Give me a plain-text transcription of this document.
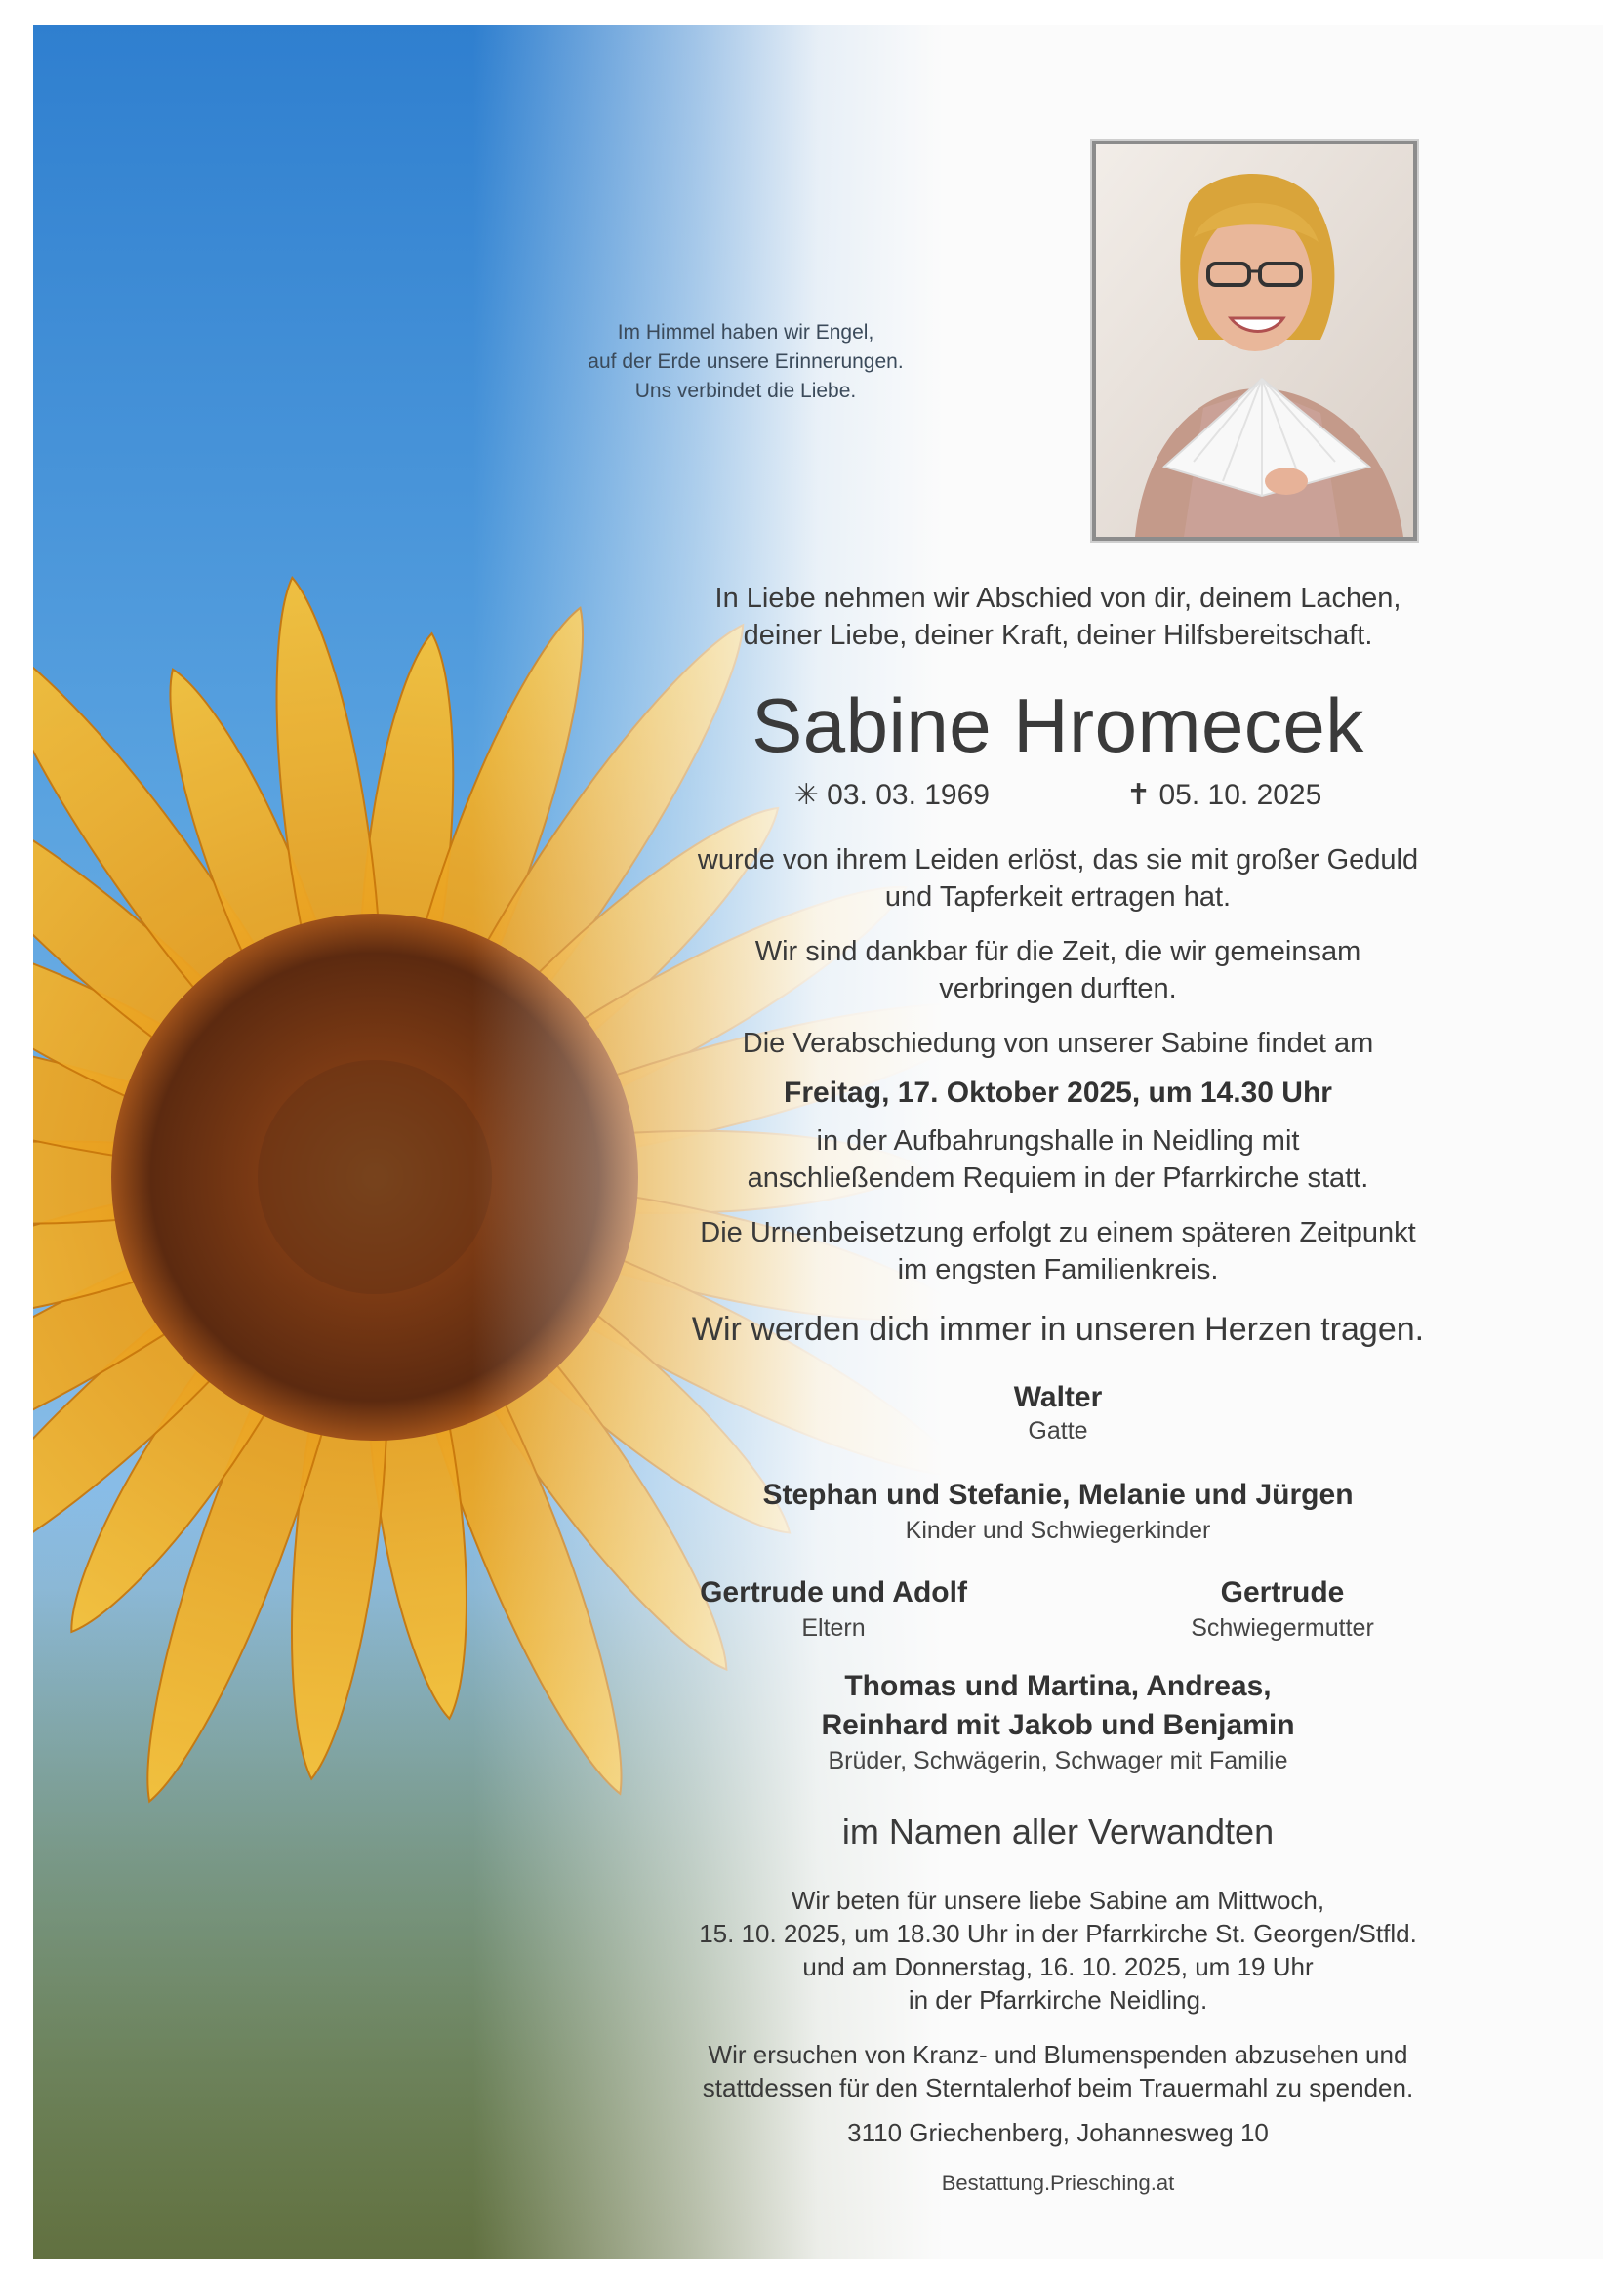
Im Himmel haben wir Engel,
auf der Erde unsere Erinnerungen.
Uns verbindet die Liebe.
In Liebe nehmen wir Abschied von dir, deinem Lachen,
deiner Liebe, deiner Kraft, deiner Hilfsbereitschaft.
Sabine Hromecek
✳ 03. 03. 1969	✝ 05. 10. 2025
wurde von ihrem Leiden erlöst, das sie mit großer Geduld
und Tapferkeit ertragen hat.
Wir sind dankbar für die Zeit, die wir gemeinsam
verbringen durften.
Die Verabschiedung von unserer Sabine findet am
Freitag, 17. Oktober 2025, um 14.30 Uhr
in der Aufbahrungshalle in Neidling mit
anschließendem Requiem in der Pfarrkirche statt.
Die Urnenbeisetzung erfolgt zu einem späteren Zeitpunkt
im engsten Familienkreis.
Wir werden dich immer in unseren Herzen tragen.
Walter
Gatte
Stephan und Stefanie, Melanie und Jürgen
Kinder und Schwiegerkinder
Gertrude und Adolf
Eltern
Gertrude
Schwiegermutter
Thomas und Martina, Andreas,
Reinhard mit Jakob und Benjamin
Brüder, Schwägerin, Schwager mit Familie
im Namen aller Verwandten
Wir beten für unsere liebe Sabine am Mittwoch,
15. 10. 2025, um 18.30 Uhr in der Pfarrkirche St. Georgen/Stfld.
und am Donnerstag, 16. 10. 2025, um 19 Uhr
in der Pfarrkirche Neidling.
Wir ersuchen von Kranz- und Blumenspenden abzusehen und
stattdessen für den Sterntalerhof beim Trauermahl zu spenden.
3110 Griechenberg, Johannesweg 10
Bestattung.Priesching.at
